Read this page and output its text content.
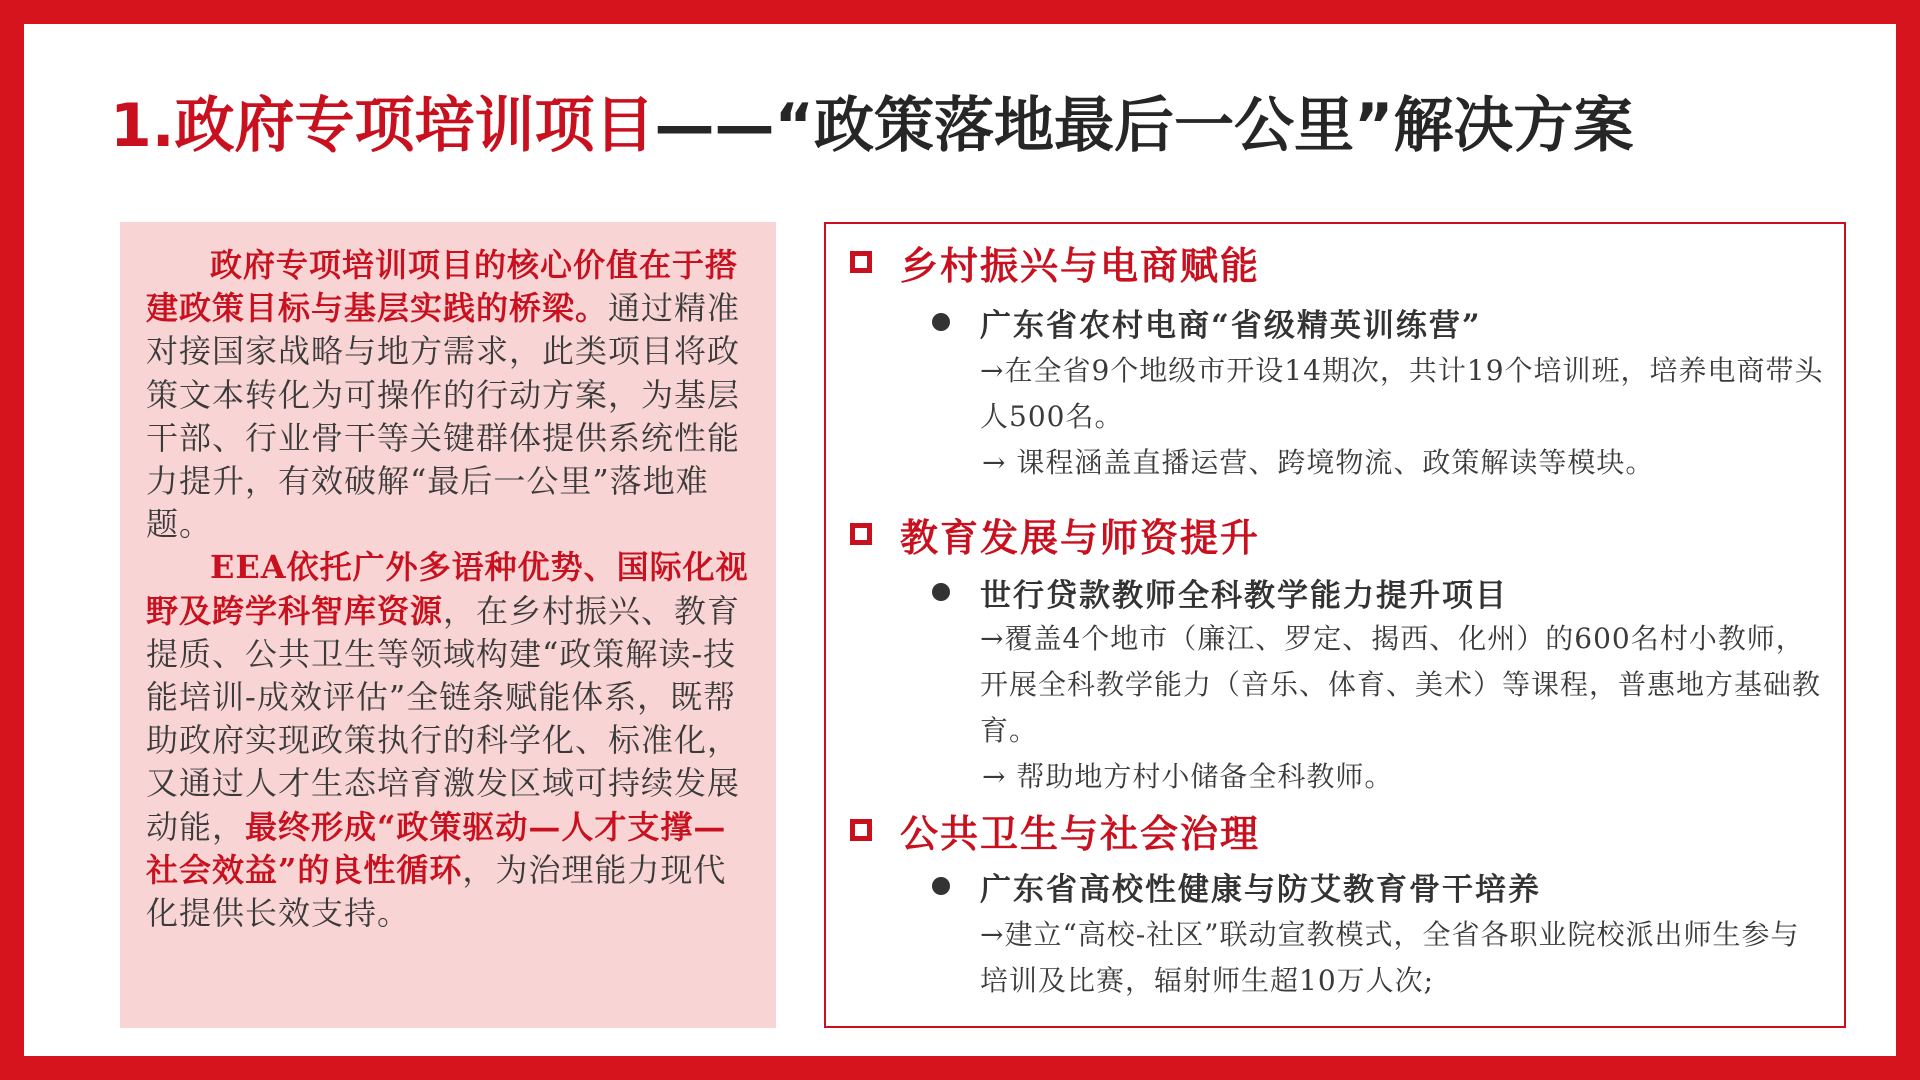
1.政府专项培训项目——“政策落地最后一公里”解决方案

政府专项培训项目的核心价值在于搭建政策目标与基层实践的桥梁。通过精准对接国家战略与地方需求，此类项目将政策文本转化为可操作的行动方案，为基层干部、行业骨干等关键群体提供系统性能力提升，有效破解“最后一公里”落地难题。

EEA依托广外多语种优势、国际化视野及跨学科智库资源，在乡村振兴、教育提质、公共卫生等领域构建“政策解读-技能培训-成效评估”全链条赋能体系，既帮助政府实现政策执行的科学化、标准化，又通过人才生态培育激发区域可持续发展动能，最终形成“政策驱动—人才支撑—社会效益”的良性循环，为治理能力现代化提供长效支持。

乡村振兴与电商赋能
广东省农村电商“省级精英训练营”
→在全省9个地级市开设14期次，共计19个培训班，培养电商带头人500名。
→ 课程涵盖直播运营、跨境物流、政策解读等模块。
教育发展与师资提升
世行贷款教师全科教学能力提升项目
→覆盖4个地市（廉江、罗定、揭西、化州）的600名村小教师，开展全科教学能力（音乐、体育、美术）等课程，普惠地方基础教育。
→ 帮助地方村小储备全科教师。
公共卫生与社会治理
广东省高校性健康与防艾教育骨干培养
→建立“高校-社区”联动宣教模式，全省各职业院校派出师生参与培训及比赛，辐射师生超10万人次;
